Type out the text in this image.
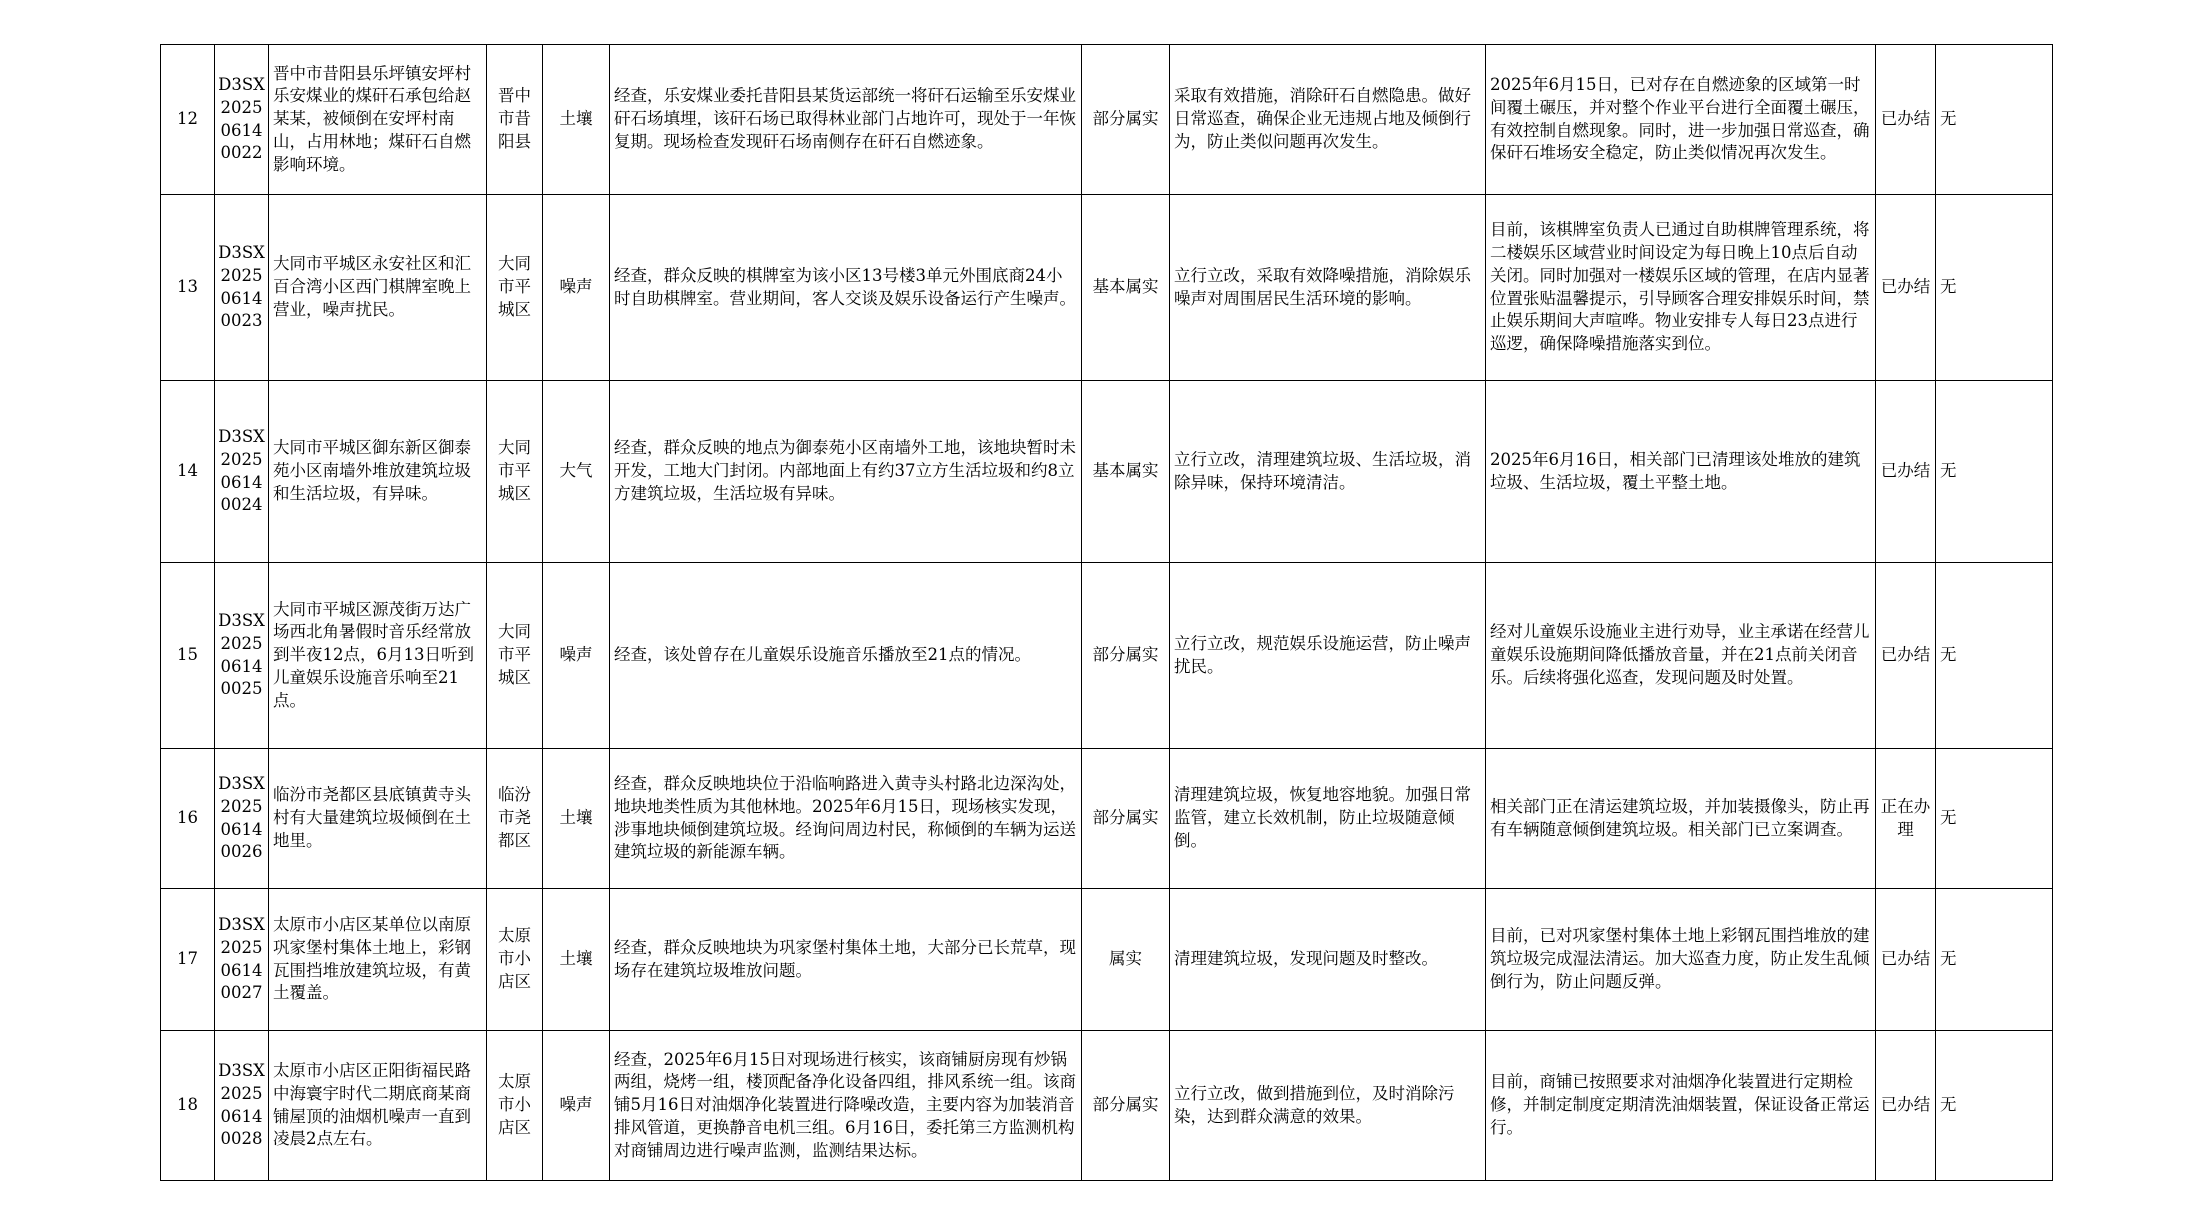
12	D3SX202506140022	晋中市昔阳县乐坪镇安坪村乐安煤业的煤矸石承包给赵某某，被倾倒在安坪村南山，占用林地；煤矸石自燃影响环境。	晋中市昔阳县	土壤	经查，乐安煤业委托昔阳县某货运部统一将矸石运输至乐安煤业矸石场填埋，该矸石场已取得林业部门占地许可，现处于一年恢复期。现场检查发现矸石场南侧存在矸石自燃迹象。	部分属实	采取有效措施，消除矸石自燃隐患。做好日常巡查，确保企业无违规占地及倾倒行为，防止类似问题再次发生。	2025年6月15日，已对存在自燃迹象的区域第一时间覆土碾压，并对整个作业平台进行全面覆土碾压，有效控制自燃现象。同时，进一步加强日常巡查，确保矸石堆场安全稳定，防止类似情况再次发生。	已办结	无
13	D3SX202506140023	大同市平城区永安社区和汇百合湾小区西门棋牌室晚上营业，噪声扰民。	大同市平城区	噪声	经查，群众反映的棋牌室为该小区13号楼3单元外围底商24小时自助棋牌室。营业期间，客人交谈及娱乐设备运行产生噪声。	基本属实	立行立改，采取有效降噪措施，消除娱乐噪声对周围居民生活环境的影响。	目前，该棋牌室负责人已通过自助棋牌管理系统，将二楼娱乐区域营业时间设定为每日晚上10点后自动关闭。同时加强对一楼娱乐区域的管理，在店内显著位置张贴温馨提示，引导顾客合理安排娱乐时间，禁止娱乐期间大声喧哗。物业安排专人每日23点进行巡逻，确保降噪措施落实到位。	已办结	无
14	D3SX202506140024	大同市平城区御东新区御泰苑小区南墙外堆放建筑垃圾和生活垃圾，有异味。	大同市平城区	大气	经查，群众反映的地点为御泰苑小区南墙外工地，该地块暂时未开发，工地大门封闭。内部地面上有约37立方生活垃圾和约8立方建筑垃圾，生活垃圾有异味。	基本属实	立行立改，清理建筑垃圾、生活垃圾，消除异味，保持环境清洁。	2025年6月16日，相关部门已清理该处堆放的建筑垃圾、生活垃圾，覆土平整土地。	已办结	无
15	D3SX202506140025	大同市平城区源茂街万达广场西北角暑假时音乐经常放到半夜12点，6月13日听到儿童娱乐设施音乐响至21点。	大同市平城区	噪声	经查，该处曾存在儿童娱乐设施音乐播放至21点的情况。	部分属实	立行立改，规范娱乐设施运营，防止噪声扰民。	经对儿童娱乐设施业主进行劝导，业主承诺在经营儿童娱乐设施期间降低播放音量，并在21点前关闭音乐。后续将强化巡查，发现问题及时处置。	已办结	无
16	D3SX202506140026	临汾市尧都区县底镇黄寺头村有大量建筑垃圾倾倒在土地里。	临汾市尧都区	土壤	经查，群众反映地块位于沿临响路进入黄寺头村路北边深沟处，地块地类性质为其他林地。2025年6月15日，现场核实发现，涉事地块倾倒建筑垃圾。经询问周边村民，称倾倒的车辆为运送建筑垃圾的新能源车辆。	部分属实	清理建筑垃圾，恢复地容地貌。加强日常监管，建立长效机制，防止垃圾随意倾倒。	相关部门正在清运建筑垃圾，并加装摄像头，防止再有车辆随意倾倒建筑垃圾。相关部门已立案调查。	正在办理	无
17	D3SX202506140027	太原市小店区某单位以南原巩家堡村集体土地上，彩钢瓦围挡堆放建筑垃圾，有黄土覆盖。	太原市小店区	土壤	经查，群众反映地块为巩家堡村集体土地，大部分已长荒草，现场存在建筑垃圾堆放问题。	属实	清理建筑垃圾，发现问题及时整改。	目前，已对巩家堡村集体土地上彩钢瓦围挡堆放的建筑垃圾完成湿法清运。加大巡查力度，防止发生乱倾倒行为，防止问题反弹。	已办结	无
18	D3SX202506140028	太原市小店区正阳街福民路中海寰宇时代二期底商某商铺屋顶的油烟机噪声一直到凌晨2点左右。	太原市小店区	噪声	经查，2025年6月15日对现场进行核实，该商铺厨房现有炒锅两组，烧烤一组，楼顶配备净化设备四组，排风系统一组。该商铺5月16日对油烟净化装置进行降噪改造，主要内容为加装消音排风管道，更换静音电机三组。6月16日，委托第三方监测机构对商铺周边进行噪声监测，监测结果达标。	部分属实	立行立改，做到措施到位，及时消除污染，达到群众满意的效果。	目前，商铺已按照要求对油烟净化装置进行定期检修，并制定制度定期清洗油烟装置，保证设备正常运行。	已办结	无
